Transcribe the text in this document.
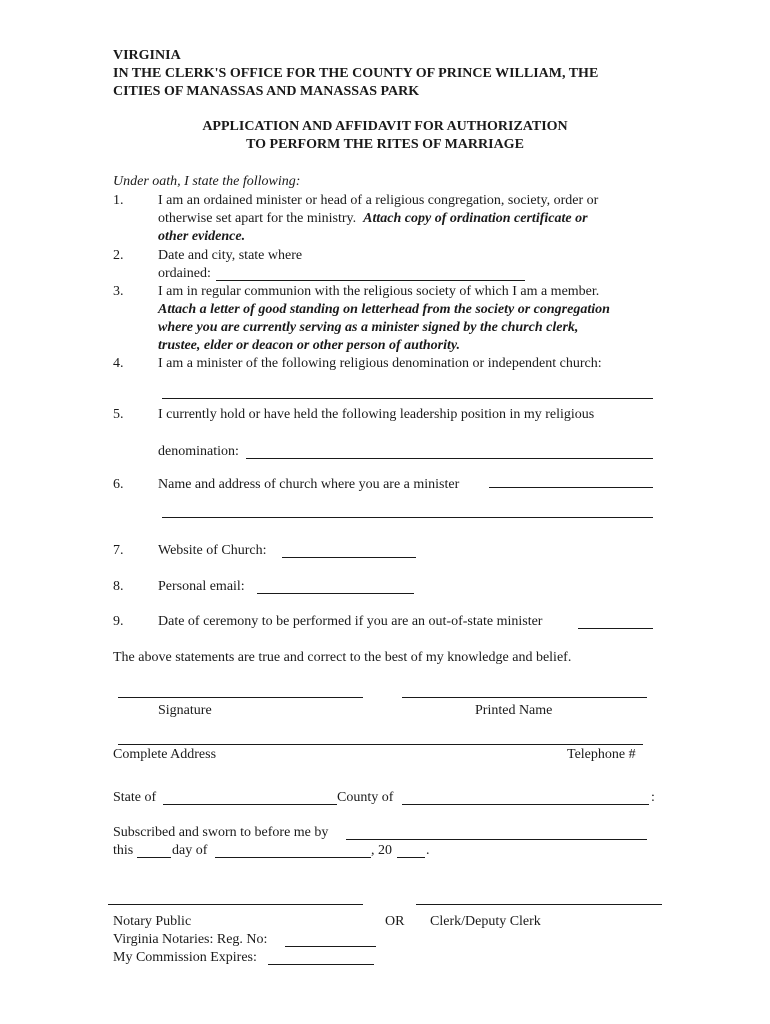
VIRGINIA
IN THE CLERK'S OFFICE FOR THE COUNTY OF PRINCE WILLIAM, THE
CITIES OF MANASSAS AND MANASSAS PARK
APPLICATION AND AFFIDAVIT FOR AUTHORIZATION
TO PERFORM THE RITES OF MARRIAGE
Under oath, I state the following:
1. I am an ordained minister or head of a religious congregation, society, order or
otherwise set apart for the ministry.  Attach copy of ordination certificate or
other evidence.
2. Date and city, state where
ordained:
3. I am in regular communion with the religious society of which I am a member.
Attach a letter of good standing on letterhead from the society or congregation
where you are currently serving as a minister signed by the church clerk,
trustee, elder or deacon or other person of authority.
4. I am a minister of the following religious denomination or independent church:
5. I currently hold or have held the following leadership position in my religious
denomination:
6. Name and address of church where you are a minister
7. Website of Church:
8. Personal email:
9. Date of ceremony to be performed if you are an out-of-state minister
The above statements are true and correct to the best of my knowledge and belief.
Signature	Printed Name
Complete Address	Telephone #
State of	County of	:
Subscribed and sworn to before me by
this	day of	, 20 .
Notary Public	OR Clerk/Deputy Clerk
Virginia Notaries: Reg. No:
My Commission Expires:
